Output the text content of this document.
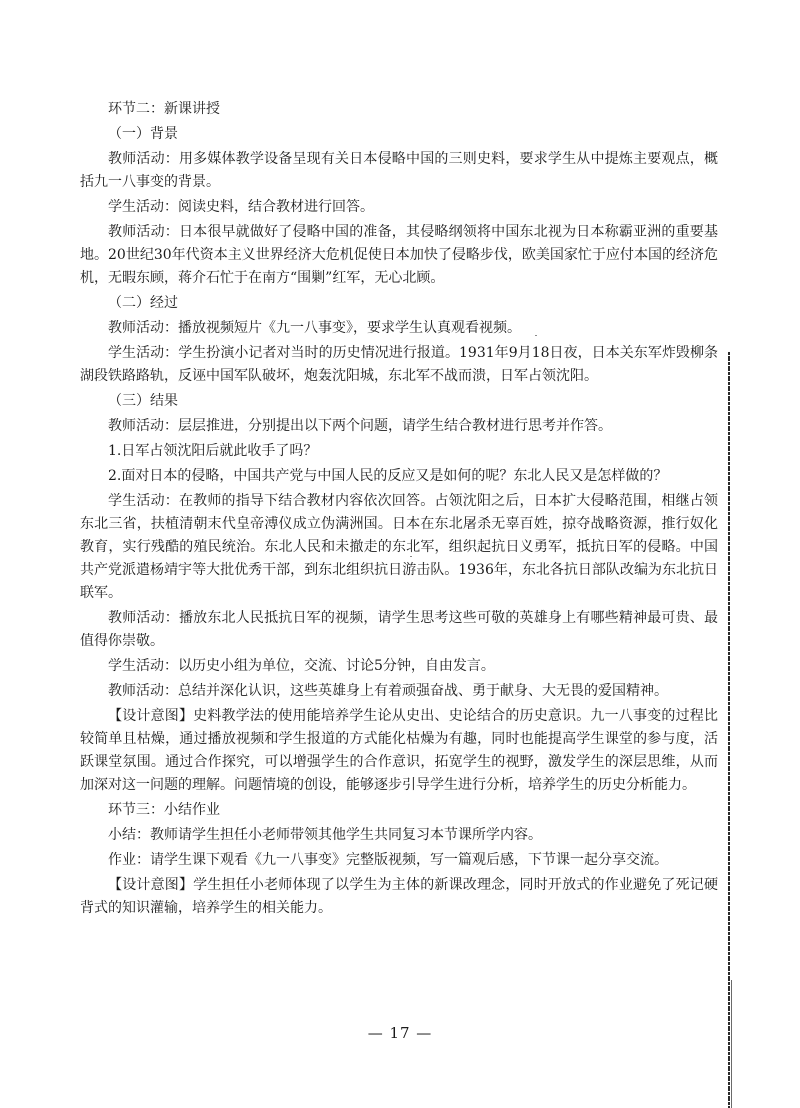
环节二：新课讲授

（一）背景

教师活动：用多媒体教学设备呈现有关日本侵略中国的三则史料，要求学生从中提炼主要观点，概括九一八事变的背景。

学生活动：阅读史料，结合教材进行回答。

教师活动：日本很早就做好了侵略中国的准备，其侵略纲领将中国东北视为日本称霸亚洲的重要基地。20世纪30年代资本主义世界经济大危机促使日本加快了侵略步伐，欧美国家忙于应付本国的经济危机，无暇东顾，蒋介石忙于在南方“围剿”红军，无心北顾。

（二）经过

教师活动：播放视频短片《九一八事变》，要求学生认真观看视频。

学生活动：学生扮演小记者对当时的历史情况进行报道。1931年9月18日夜，日本关东军炸毁柳条湖段铁路路轨，反诬中国军队破坏，炮轰沈阳城，东北军不战而溃，日军占领沈阳。

（三）结果

教师活动：层层推进，分别提出以下两个问题，请学生结合教材进行思考并作答。

1.日军占领沈阳后就此收手了吗？

2.面对日本的侵略，中国共产党与中国人民的反应又是如何的呢？东北人民又是怎样做的？

学生活动：在教师的指导下结合教材内容依次回答。占领沈阳之后，日本扩大侵略范围，相继占领东北三省，扶植清朝末代皇帝溥仪成立伪满洲国。日本在东北屠杀无辜百姓，掠夺战略资源，推行奴化教育，实行残酷的殖民统治。东北人民和未撤走的东北军，组织起抗日义勇军，抵抗日军的侵略。中国共产党派遣杨靖宇等大批优秀干部，到东北组织抗日游击队。1936年，东北各抗日部队改编为东北抗日联军。

教师活动：播放东北人民抵抗日军的视频，请学生思考这些可敬的英雄身上有哪些精神最可贵、最值得你崇敬。

学生活动：以历史小组为单位，交流、讨论5分钟，自由发言。

教师活动：总结并深化认识，这些英雄身上有着顽强奋战、勇于献身、大无畏的爱国精神。

【设计意图】史料教学法的使用能培养学生论从史出、史论结合的历史意识。九一八事变的过程比较简单且枯燥，通过播放视频和学生报道的方式能化枯燥为有趣，同时也能提高学生课堂的参与度，活跃课堂氛围。通过合作探究，可以增强学生的合作意识，拓宽学生的视野，激发学生的深层思维，从而加深对这一问题的理解。问题情境的创设，能够逐步引导学生进行分析，培养学生的历史分析能力。

环节三：小结作业

小结：教师请学生担任小老师带领其他学生共同复习本节课所学内容。

作业：请学生课下观看《九一八事变》完整版视频，写一篇观后感，下节课一起分享交流。

【设计意图】学生担任小老师体现了以学生为主体的新课改理念，同时开放式的作业避免了死记硬背式的知识灌输，培养学生的相关能力。

— 17 —
